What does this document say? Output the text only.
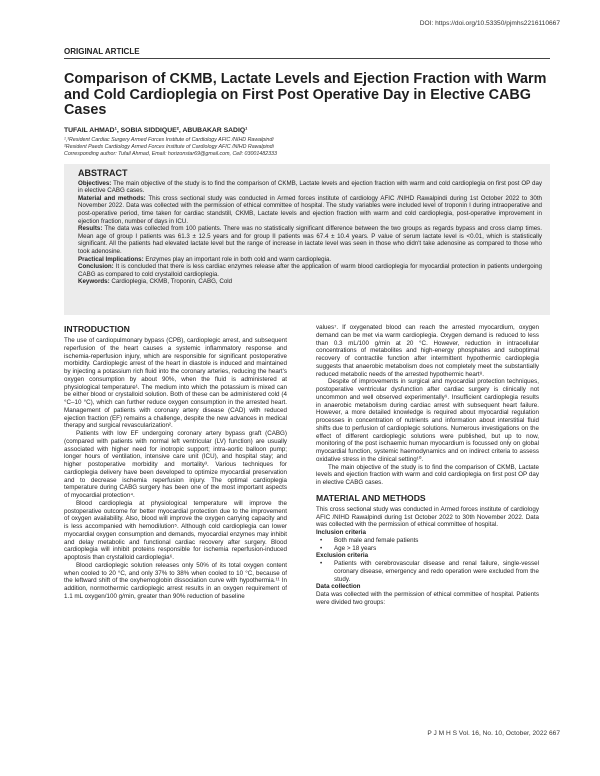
DOI: https://doi.org/10.53350/pjmhs2216110667
ORIGINAL ARTICLE
Comparison of CKMB, Lactate Levels and Ejection Fraction with Warm and Cold Cardioplegia on First Post Operative Day in Elective CABG Cases
TUFAIL AHMAD¹, SOBIA SIDDIQUE², ABUBAKAR SADIQ¹
¹,³Resident Cardiac Surgery Armed Forces Institute of Cardiology AFIC /NIHD Rawalpindi
²Resident Paeds Cardiology Armed Forces Institute of Cardiology AFIC /NIHD Rawalpindi
Corresponding author: Tufail Ahmad, Email: horizonstar69@gmail.com, Cell: 03001482333
ABSTRACT

Objectives: The main objective of the study is to find the comparison of CKMB, Lactate levels and ejection fraction with warm and cold cardioplegia on first post OP day in elective CABG cases.

Material and methods: This cross sectional study was conducted in Armed forces institute of cardiology AFIC /NIHD Rawalpindi during 1st October 2022 to 30th November 2022. Data was collected with the permission of ethical committee of hospital. The study variables were included level of troponin I during intraoperative and post-operative period, time taken for cardiac standstill, CKMB, Lactate levels and ejection fraction with warm and cold cardioplegia, post-operative improvement in ejection fraction, number of days in ICU.

Results: The data was collected from 100 patients. There was no statistically significant difference between the two groups as regards bypass and cross clamp times. Mean age of group I patients was 61.3 ± 12.5 years and for group II patients was 67.4 ± 10.4 years. P value of serum lactate level is <0.01, which is statistically significant. All the patients had elevated lactate level but the range of increase in lactate level was seen in those who didn't take adenosine as compared to those who took adenosine.

Practical Implications: Enzymes play an important role in both cold and warm cardioplegia.

Conclusion: It is concluded that there is less cardiac enzymes release after the application of warm blood cardioplegia for myocardial protection in patients undergoing CABG as compared to cold crystalloid cardioplegia.

Keywords: Cardioplegia, CKMB, Troponin, CABG, Cold

INTRODUCTION

The use of cardiopulmonary bypass (CPB), cardioplegic arrest, and subsequent reperfusion of the heart causes a systemic inflammatory response and ischemia-reperfusion injury, which are responsible for significant postoperative morbidity. Cardioplegic arrest of the heart in diastole is induced and maintained by injecting a potassium rich fluid into the coronary arteries, reducing the heart's oxygen consumption by about 90%, when the fluid is administered at physiological temperature¹. The medium into which the potassium is mixed can be either blood or crystalloid solution. Both of these can be administered cold (4 °C–10 °C), which can further reduce oxygen consumption in the arrested heart. Management of patients with coronary artery disease (CAD) with reduced ejection fraction (EF) remains a challenge, despite the new advances in medical therapy and surgical revascularization².

Patients with low EF undergoing coronary artery bypass graft (CABG) (compared with patients with normal left ventricular (LV) function) are usually associated with higher need for inotropic support; intra-aortic balloon pump; longer hours of ventilation, intensive care unit (ICU), and hospital stay; and higher postoperative morbidity and mortality³. Various techniques for cardioplegia delivery have been developed to optimize myocardial preservation and to decrease ischemia reperfusion injury. The optimal cardioplegia temperature during CABG surgery has been one of the most important aspects of myocardial protection⁴.

Blood cardioplegia at physiological temperature will improve the postoperative outcome for better myocardial protection due to the improvement of oxygen availability. Also, blood will improve the oxygen carrying capacity and is less accompanied with hemodilution⁵. Although cold cardioplegia can lower myocardial oxygen consumption and demands, myocardial enzymes may inhibit and delay metabolic and functional cardiac recovery after surgery. Blood cardioplegia will inhibit proteins responsible for ischemia reperfusion-induced apoptosis than crystalloid cardioplegia⁶.

Blood cardioplegic solution releases only 50% of its total oxygen content when cooled to 20 °C, and only 37% to 38% when cooled to 10 °C, because of the leftward shift of the oxyhemoglobin dissociation curve with hypothermia.¹¹ In addition, normothermic cardioplegic arrest results in an oxygen requirement of 1.1 mL oxygen/100 g/min, greater than 90% reduction of baseline

values⁷. If oxygenated blood can reach the arrested myocardium, oxygen demand can be met via warm cardioplegia. Oxygen demand is reduced to less than 0.3 mL/100 g/min at 20 °C. However, reduction in intracellular concentrations of metabolites and high-energy phosphates and suboptimal recovery of contractile function after intermittent hypothermic cardioplegia suggests that anaerobic metabolism does not completely meet the substantially reduced metabolic needs of the arrested hypothermic heart⁸.

Despite of improvements in surgical and myocardial protection techniques, postoperative ventricular dysfunction after cardiac surgery is clinically not uncommon and well observed experimentally⁹. Insufficient cardioplegia results in anaerobic metabolism during cardiac arrest with subsequent heart failure. However, a more detailed knowledge is required about myocardial regulation processes in concentration of nutrients and information about interstitial fluid shifts due to perfusion of cardioplegic solutions. Numerous investigations on the effect of different cardioplegic solutions were published, but up to now, monitoring of the post ischaemic human myocardium is focussed only on global myocardial function, systemic haemodynamics and on indirect criteria to assess oxidative stress in the clinical setting¹⁰.

The main objective of the study is to find the comparison of CKMB, Lactate levels and ejection fraction with warm and cold cardioplegia on first post OP day in elective CABG cases.

MATERIAL AND METHODS

This cross sectional study was conducted in Armed forces institute of cardiology AFIC /NIHD Rawalpindi during 1st October 2022 to 30th November 2022. Data was collected with the permission of ethical committee of hospital.

Inclusion criteria

• Both male and female patients
• Age > 18 years

Exclusion criteria

• Patients with cerebrovascular disease and renal failure, single-vessel coronary disease, emergency and redo operation were excluded from the study.

Data collection

Data was collected with the permission of ethical committee of hospital. Patients were divided two groups:

P J M H S Vol. 16, No. 10, October, 2022 667
